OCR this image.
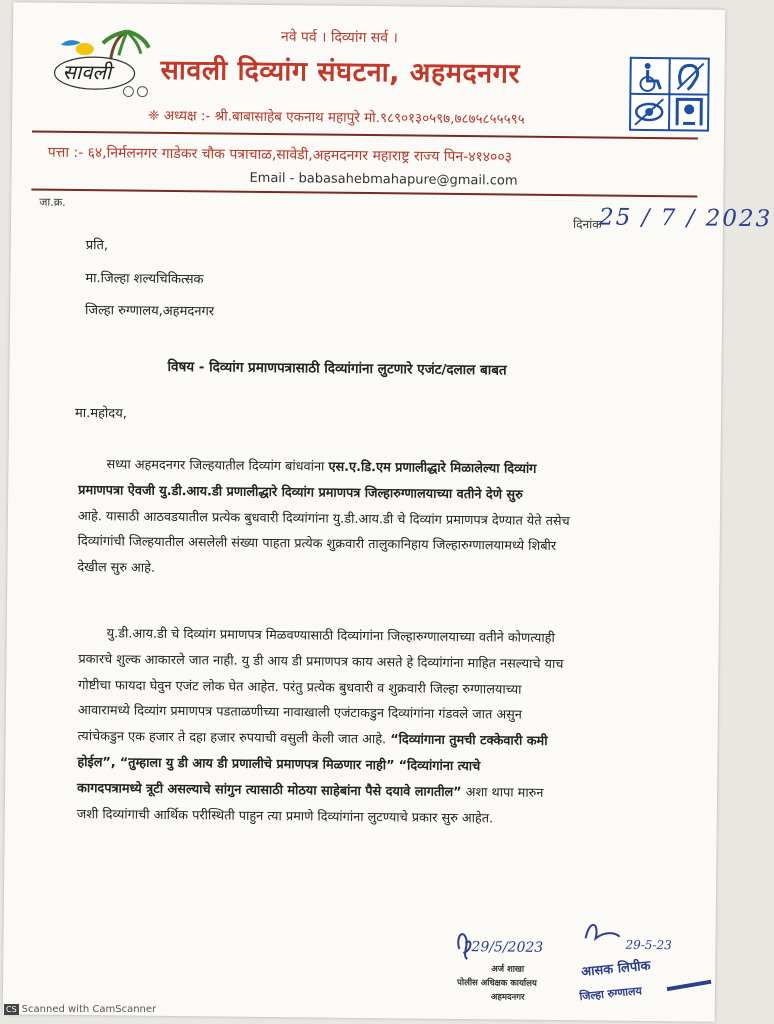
सावली
नवे पर्व । दिव्यांग सर्व ।
सावली दिव्यांग संघटना, अहमदनगर
❈ अध्यक्ष :- श्री.बाबासाहेब एकनाथ महापुरे मो.९८९०१३०५९७,७८७५८५५५९५
पत्ता :- ६४,निर्मलनगर गाडेकर चौक पत्राचाळ,सावेडी,अहमदनगर महाराष्ट्र राज्य पिन-४१४००३
Email - babasahebmahapure@gmail.com
जा.क्र.
दिनांक
25 / 7 / 2023
प्रति,
मा.जिल्हा शल्यचिकित्सक
जिल्हा रुग्णालय,अहमदनगर
विषय - दिव्यांग प्रमाणपत्रासाठी दिव्यांगांना लुटणारे एजंट/दलाल बाबत
मा.महोदय,
सध्या अहमदनगर जिल्हयातील दिव्यांग बांधवांना एस.ए.डि.एम प्रणालीद्धारे मिळालेल्या दिव्यांग
प्रमाणपत्रा ऐवजी यु.डी.आय.डी प्रणालीद्धारे दिव्यांग प्रमाणपत्र जिल्हारुग्णालयाच्या वतीने देणे सुरु
आहे. यासाठी आठवडयातील प्रत्येक बुधवारी दिव्यांगांना यु.डी.आय.डी चे दिव्यांग प्रमाणपत्र देण्यात येते तसेच
दिव्यांगांची जिल्हयातील असलेली संख्या पाहता प्रत्येक शुक्रवारी तालुकानिहाय जिल्हारुग्णालयामध्ये शिबीर
देखील सुरु आहे.
यु.डी.आय.डी चे दिव्यांग प्रमाणपत्र मिळवण्यासाठी दिव्यांगांना जिल्हारुग्णालयाच्या वतीने कोणत्याही
प्रकारचे शुल्क आकारले जात नाही. यु डी आय डी प्रमाणपत्र काय असते हे दिव्यांगांना माहित नसल्याचे याच
गोष्टीचा फायदा घेवुन एजंट लोक घेत आहेत. परंतु प्रत्येक बुधवारी व शुक्रवारी जिल्हा रुग्णालयाच्या
आवारामध्ये दिव्यांग प्रमाणपत्र पडताळणीच्या नावाखाली एजंटाकडुन दिव्यांगांना गंडवले जात असुन
त्यांचेकडुन एक हजार ते दहा हजार रुपयाची वसुली केली जात आहे. “दिव्यांगाना तुमची टक्केवारी कमी
होईल”, “तुम्हाला यु डी आय डी प्रणालीचे प्रमाणपत्र मिळणार नाही” “दिव्यांगांना त्याचे
कागदपत्रामध्ये त्रूटी असल्याचे सांगुन त्यासाठी मोठया साहेबांना पैसे दयावे लागतील” अशा थापा मारुन
जशी दिव्यांगाची आर्थिक परीस्थिती पाहुन त्या प्रमाणे दिव्यांगांना लुटण्याचे प्रकार सुरु आहेत.
29/5/2023
अर्ज शाखा
पोलीस अधिक्षक कार्यालय
अहमदनगर
29-5-23
आसक लिपीक
जिल्हा रुग्णालय
CS Scanned with CamScanner
